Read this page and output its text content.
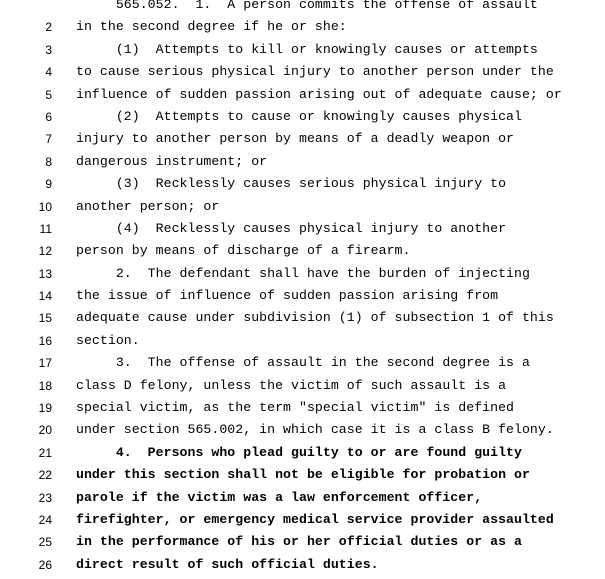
565.052.  1.  A person commits the offense of assault
2 in the second degree if he or she:
3 (1)  Attempts to kill or knowingly causes or attempts
4 to cause serious physical injury to another person under the
5 influence of sudden passion arising out of adequate cause; or
6 (2)  Attempts to cause or knowingly causes physical
7 injury to another person by means of a deadly weapon or
8 dangerous instrument; or
9 (3)  Recklessly causes serious physical injury to
10 another person; or
11 (4)  Recklessly causes physical injury to another
12 person by means of discharge of a firearm.
13 2.  The defendant shall have the burden of injecting
14 the issue of influence of sudden passion arising from
15 adequate cause under subdivision (1) of subsection 1 of this
16 section.
17 3.  The offense of assault in the second degree is a
18 class D felony, unless the victim of such assault is a
19 special victim, as the term "special victim" is defined
20 under section 565.002, in which case it is a class B felony.
21 4.  Persons who plead guilty to or are found guilty
22 under this section shall not be eligible for probation or
23 parole if the victim was a law enforcement officer,
24 firefighter, or emergency medical service provider assaulted
25 in the performance of his or her official duties or as a
26 direct result of such official duties.
